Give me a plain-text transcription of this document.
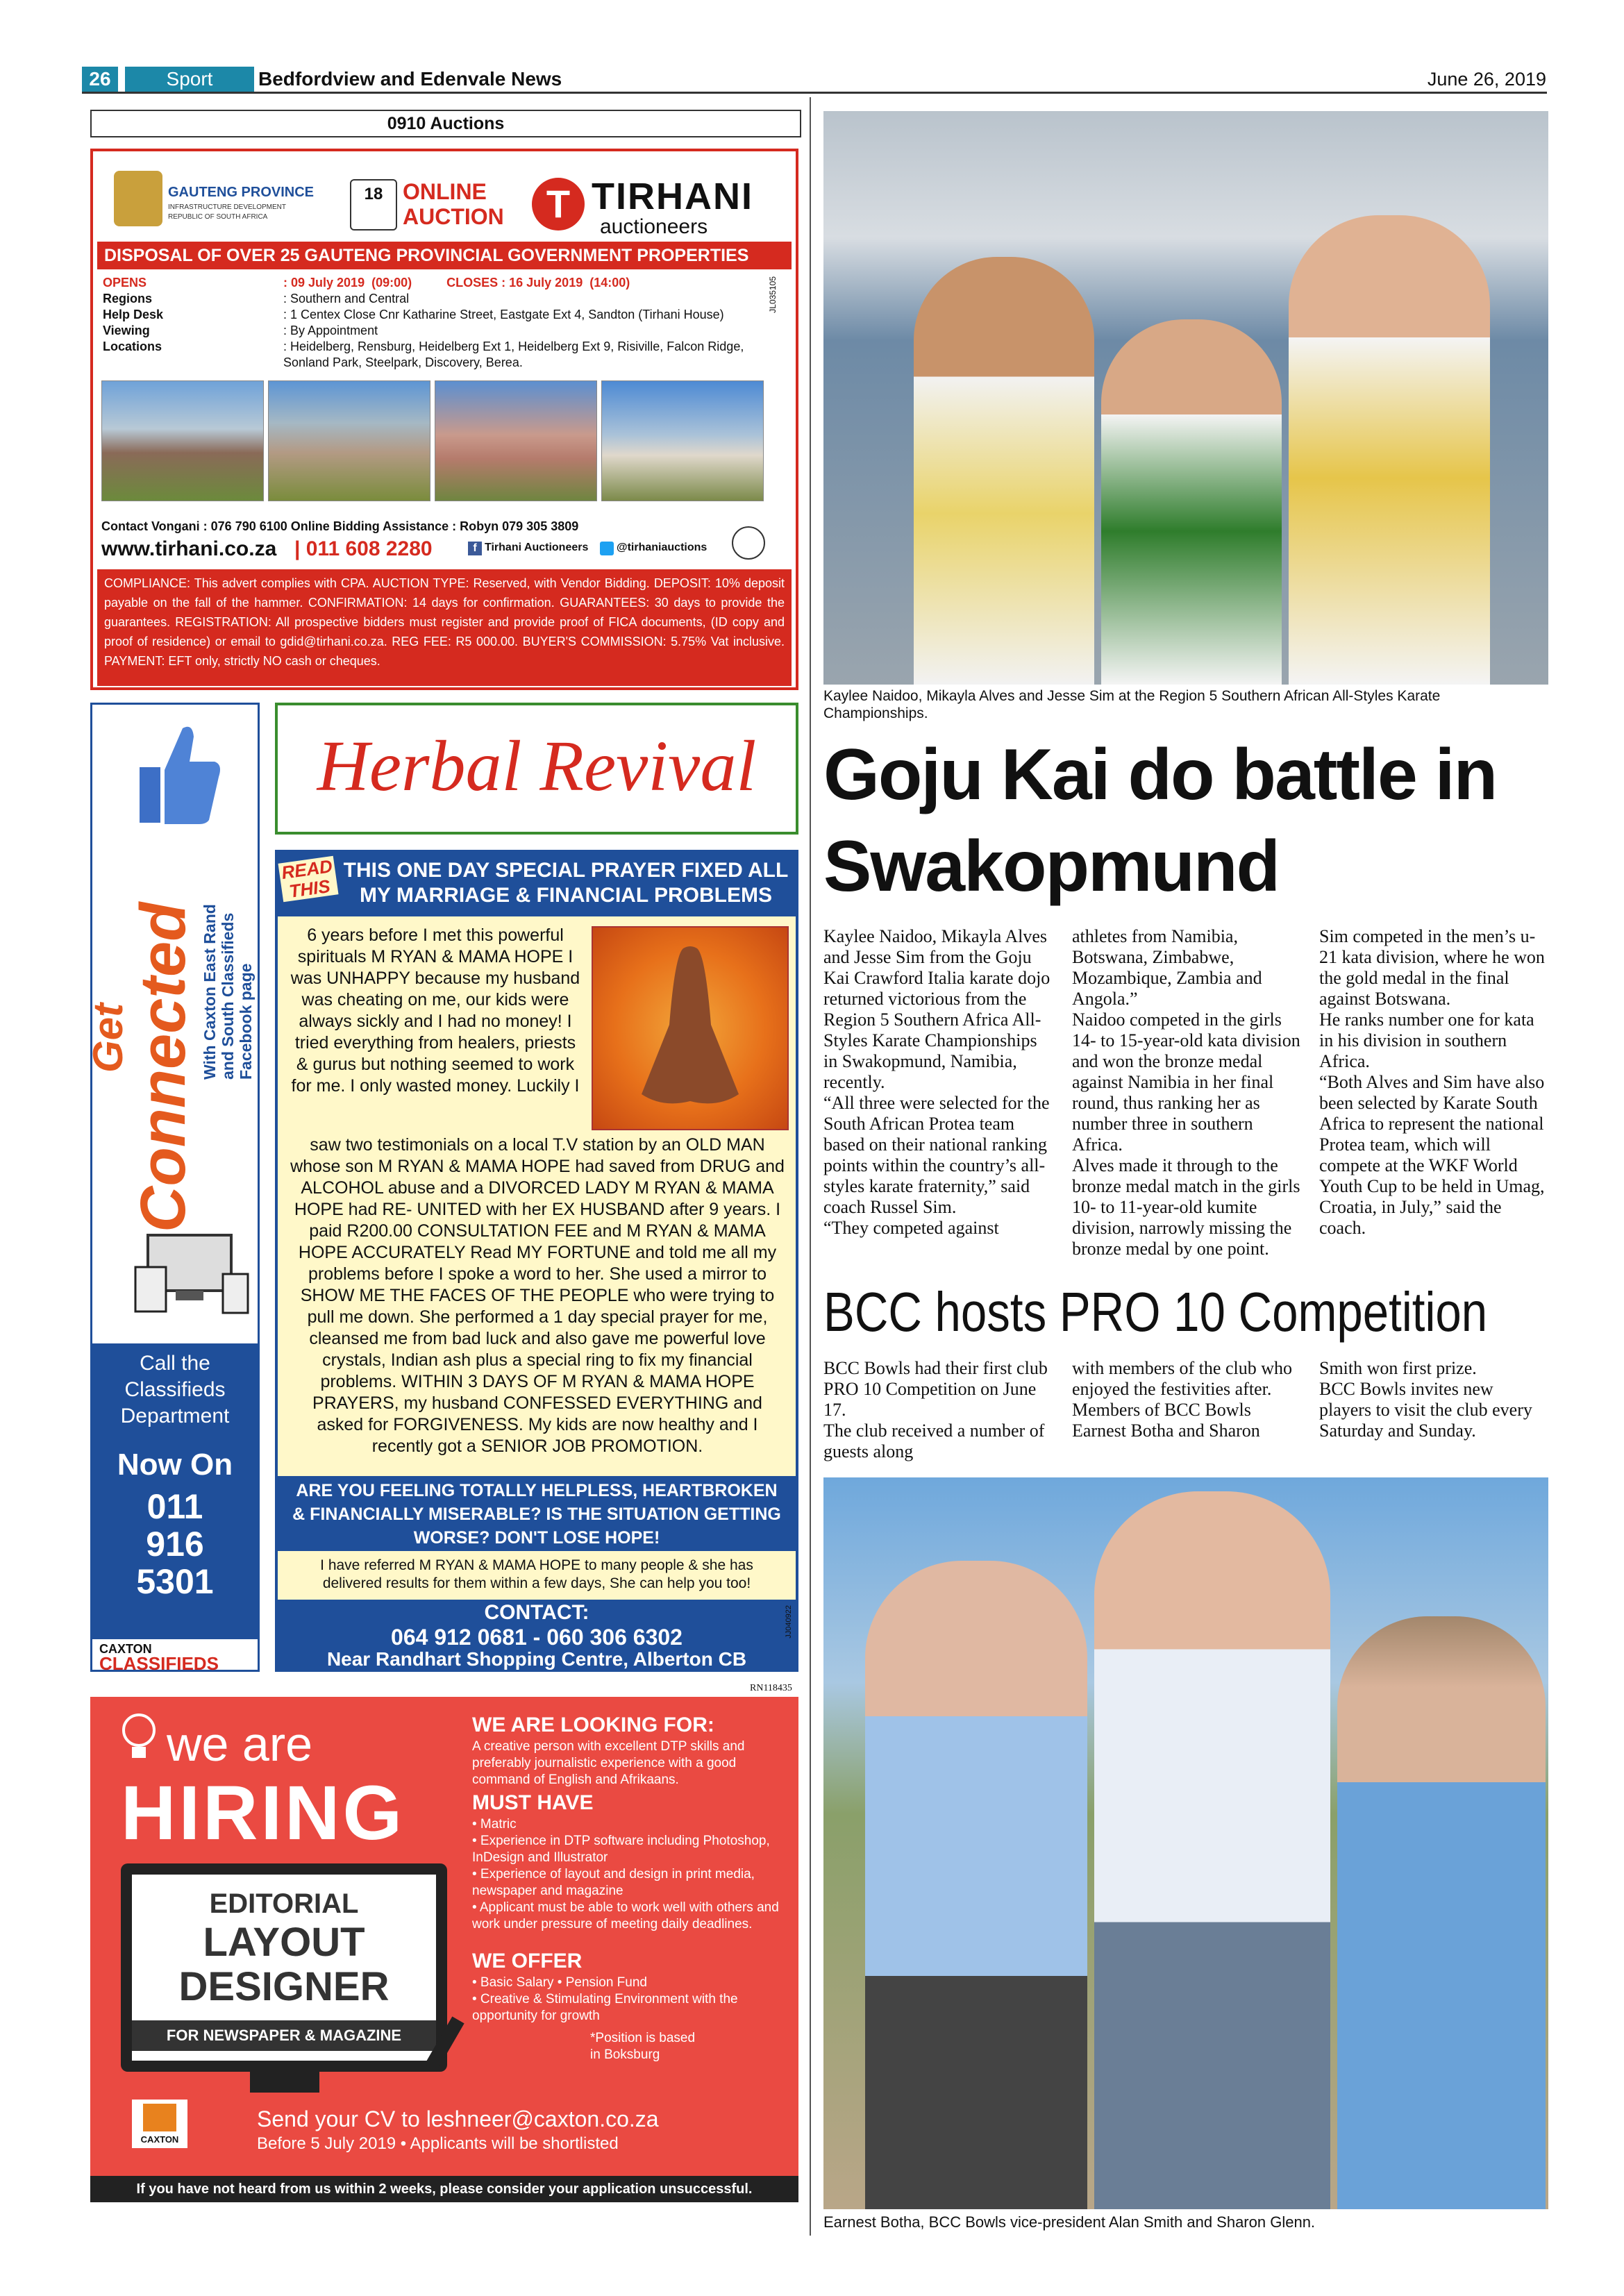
26	Sport	Bedfordview and Edenvale News	June 26, 2019
0910 Auctions
GAUTENG PROVINCE
INFRASTRUCTURE DEVELOPMENT
REPUBLIC OF SOUTH AFRICA
18 ONLINE
AUCTION	T TIRHANI
auctioneers
DISPOSAL OF OVER 25 GAUTENG PROVINCIAL GOVERNMENT PROPERTIES
OPENS	: 09 July 2019  (09:00)          CLOSES : 16 July 2019  (14:00)
Regions	: Southern and Central
Help Desk	: 1 Centex Close Cnr Katharine Street, Eastgate Ext 4, Sandton (Tirhani House)
Viewing	: By Appointment
Locations	: Heidelberg, Rensburg, Heidelberg Ext 1, Heidelberg Ext 9, Risiville, Falcon Ridge,
Sonland Park, Steelpark, Discovery, Berea.
JL035105
Contact Vongani : 076 790 6100 Online Bidding Assistance : Robyn 079 305 3809
www.tirhani.co.za | 011 608 2280	f Tirhani Auctioneers	@tirhaniauctions
COMPLIANCE: This advert complies with CPA. AUCTION TYPE: Reserved, with Vendor Bidding. DEPOSIT: 10% deposit payable on the fall of the hammer. CONFIRMATION: 14 days for confirmation. GUARANTEES: 30 days to provide the guarantees. REGISTRATION: All prospective bidders must register and provide proof of FICA documents, (ID copy and proof of residence) or email to gdid@tirhani.co.za. REG FEE: R5 000.00. BUYER'S COMMISSION: 5.75% Vat inclusive. PAYMENT: EFT only, strictly NO cash or cheques.
Get
Connected With Caxton East Rand
and South Classifieds
Facebook page
Call the
Classifieds
Department
Now On
011
916
5301
CAXTON
CLASSIFIEDS
Herbal Revival
READ
THIS
THIS ONE DAY SPECIAL PRAYER FIXED ALL
MY MARRIAGE & FINANCIAL PROBLEMS
6 years before I met this powerful spirituals M RYAN & MAMA HOPE I was UNHAPPY because my husband was cheating on me, our kids were always sickly and I had no money! I tried everything from healers, priests & gurus but nothing seemed to work for me. I only wasted money. Luckily I
saw two testimonials on a local T.V station by an OLD MAN whose son M RYAN & MAMA HOPE had saved from DRUG and ALCOHOL abuse and a DIVORCED LADY M RYAN & MAMA HOPE had RE- UNITED with her EX HUSBAND after 9 years. I paid R200.00 CONSULTATION FEE and M RYAN & MAMA HOPE ACCURATELY Read MY FORTUNE and told me all my problems before I spoke a word to her. She used a mirror to SHOW ME THE FACES OF THE PEOPLE who were trying to pull me down. She performed a 1 day special prayer for me, cleansed me from bad luck and also gave me powerful love crystals, Indian ash plus a special ring to fix my financial problems. WITHIN 3 DAYS OF M RYAN & MAMA HOPE PRAYERS, my husband CONFESSED EVERYTHING and asked for FORGIVENESS. My kids are now healthy and I recently got a SENIOR JOB PROMOTION.
ARE YOU FEELING TOTALLY HELPLESS, HEARTBROKEN
& FINANCIALLY MISERABLE? IS THE SITUATION GETTING
WORSE? DON'T LOSE HOPE!
I have referred M RYAN & MAMA HOPE to many people & she has delivered results for them within a few days, She can help you too!
CONTACT:
064 912 0681 - 060 306 6302
Near Randhart Shopping Centre, Alberton CB
JJ040922
RN118435
we are
HIRING
EDITORIAL
LAYOUT
DESIGNER
FOR NEWSPAPER & MAGAZINE
WE ARE LOOKING FOR:
A creative person with excellent DTP skills and preferably journalistic experience with a good command of English and Afrikaans.
MUST HAVE
• Matric
• Experience in DTP software including Photoshop, InDesign and Illustrator
• Experience of layout and design in print media, newspaper and magazine
• Applicant must be able to work well with others and work under pressure of meeting daily deadlines.
WE OFFER
• Basic Salary • Pension Fund
• Creative & Stimulating Environment with the opportunity for growth
*Position is based
in Boksburg
CAXTON
Send your CV to leshneer@caxton.co.za
Before 5 July 2019 • Applicants will be shortlisted
If you have not heard from us within 2 weeks, please consider your application unsuccessful.
Kaylee Naidoo, Mikayla Alves and Jesse Sim at the Region 5 Southern African All-Styles Karate Championships.
Goju Kai do battle in Swakopmund
Kaylee Naidoo, Mikayla Alves and Jesse Sim from the Goju Kai Crawford Italia karate dojo returned victorious from the Region 5 Southern Africa All-Styles Karate Championships in Swakopmund, Namibia, recently.
“All three were selected for the South African Protea team based on their national ranking points within the country’s all-styles karate fraternity,” said coach Russel Sim.
“They competed against
athletes from Namibia, Botswana, Zimbabwe, Mozambique, Zambia and Angola.”
Naidoo competed in the girls 14- to 15-year-old kata division and won the bronze medal against Namibia in her final round, thus ranking her as number three in southern Africa.
Alves made it through to the bronze medal match in the girls 10- to 11-year-old kumite division, narrowly missing the bronze medal by one point.
Sim competed in the men’s u-21 kata division, where he won the gold medal in the final against Botswana.
He ranks number one for kata in his division in southern Africa.
“Both Alves and Sim have also been selected by Karate South Africa to represent the national Protea team, which will compete at the WKF World Youth Cup to be held in Umag, Croatia, in July,” said the coach.
BCC hosts PRO 10 Competition
BCC Bowls had their first club PRO 10 Competition on June 17.
The club received a number of guests along
with members of the club who enjoyed the festivities after.
Members of BCC Bowls Earnest Botha and Sharon
Smith won first prize.
BCC Bowls invites new players to visit the club every Saturday and Sunday.
Earnest Botha, BCC Bowls vice-president Alan Smith and Sharon Glenn.
